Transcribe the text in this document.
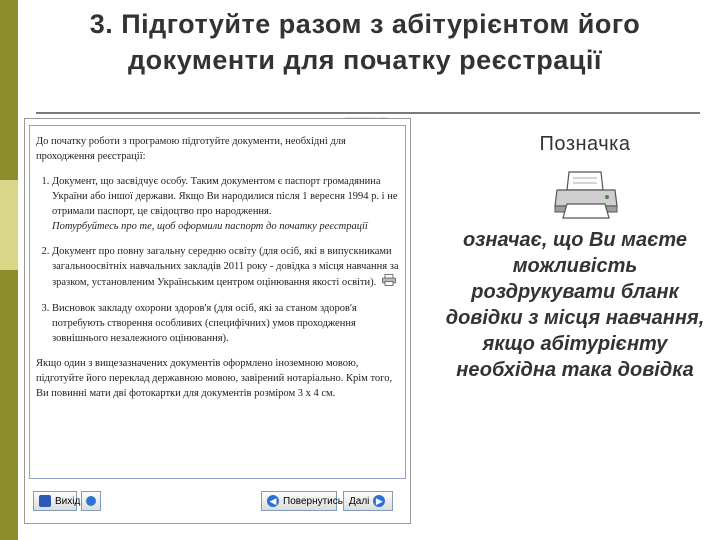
3. Підготуйте разом з абітурієнтом його документи для початку реєстрації
~~~~~~~~~~~ ~~~

До початку роботи з програмою підготуйте документи, необхідні для проходження реєстрації:

1. Документ, що засвідчує особу. Таким документом є паспорт громадянина України або іншої держави. Якщо Ви народилися після 1 вересня 1994 р. і не отримали паспорт, це свідоцтво про народження.
Потурбуйтесь про те, щоб оформили паспорт до початку реєстрації
2. Документ про повну загальну середню освіту (для осіб, які в випускниками загальноосвітніх навчальних закладів 2011 року - довідка з місця навчання за зразком, установленим Українським центром оцінювання якості освіти).
3. Висновок закладу охорони здоров'я (для осіб, які за станом здоров'я потребують створення особливих (специфічних) умов проходження зовнішнього незалежного оцінювання).

Якщо один з вищезазначених документів оформлено іноземною мовою, підготуйте його переклад державною мовою, завірений нотаріально. Крім того, Ви повинні мати дві фотокартки для документів розміром 3 х 4 см.

Вихід	◀ Повернутись Далі ▶
Позначка
означає, що Ви маєте можливість роздрукувати бланк довідки з місця навчання, якщо абітурієнту необхідна така довідка
